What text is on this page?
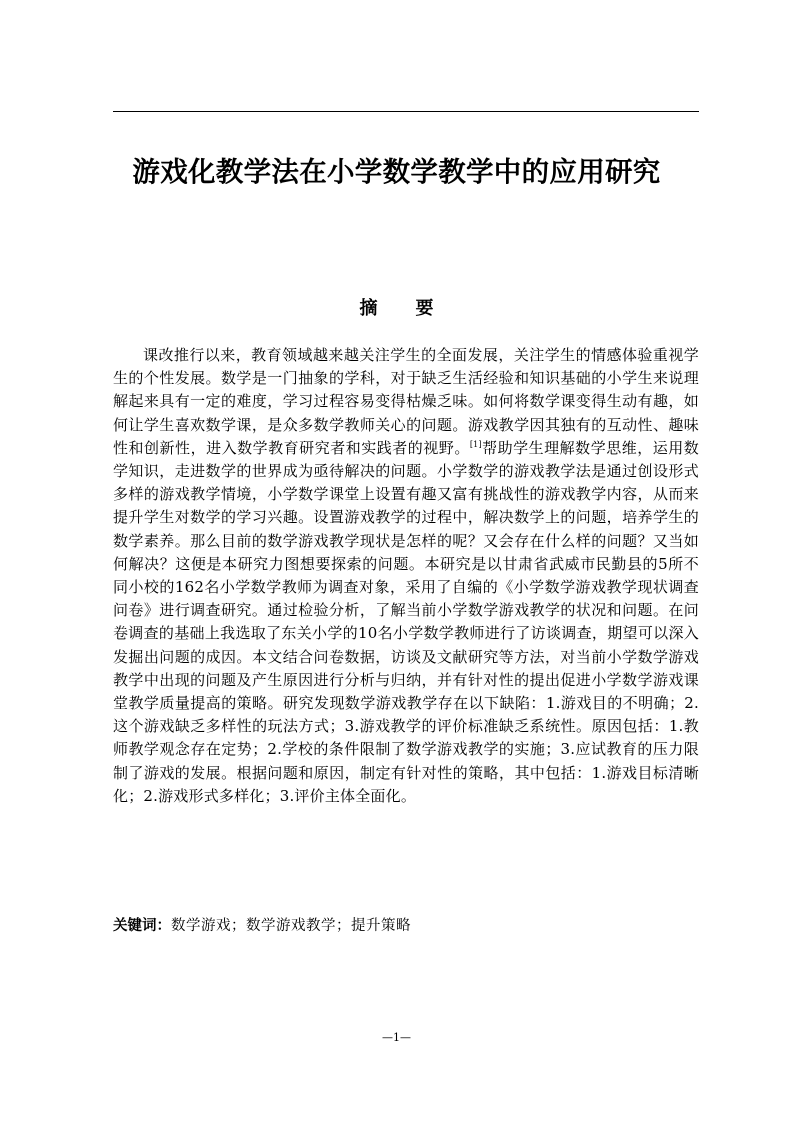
游戏化教学法在小学数学教学中的应用研究
摘要

课改推行以来，教育领域越来越关注学生的全面发展，关注学生的情感体验重视学生的个性发展。数学是一门抽象的学科，对于缺乏生活经验和知识基础的小学生来说理解起来具有一定的难度，学习过程容易变得枯燥乏味。如何将数学课变得生动有趣，如何让学生喜欢数学课，是众多数学教师关心的问题。游戏教学因其独有的互动性、趣味性和创新性，进入数学教育研究者和实践者的视野。[1]帮助学生理解数学思维，运用数学知识，走进数学的世界成为亟待解决的问题。小学数学的游戏教学法是通过创设形式多样的游戏教学情境，小学数学课堂上设置有趣又富有挑战性的游戏教学内容，从而来提升学生对数学的学习兴趣。设置游戏教学的过程中，解决数学上的问题，培养学生的数学素养。那么目前的数学游戏教学现状是怎样的呢？又会存在什么样的问题？又当如何解决？这便是本研究力图想要探索的问题。本研究是以甘肃省武威市民勤县的5所不同小校的162名小学数学教师为调查对象，采用了自编的《小学数学游戏教学现状调查问卷》进行调查研究。通过检验分析，了解当前小学数学游戏教学的状况和问题。在问卷调查的基础上我选取了东关小学的10名小学数学教师进行了访谈调查，期望可以深入发掘出问题的成因。本文结合问卷数据，访谈及文献研究等方法，对当前小学数学游戏教学中出现的问题及产生原因进行分析与归纳，并有针对性的提出促进小学数学游戏课堂教学质量提高的策略。研究发现数学游戏教学存在以下缺陷：1.游戏目的不明确；2.这个游戏缺乏多样性的玩法方式；3.游戏教学的评价标准缺乏系统性。原因包括：1.教师教学观念存在定势；2.学校的条件限制了数学游戏教学的实施；3.应试教育的压力限制了游戏的发展。根据问题和原因，制定有针对性的策略，其中包括：1.游戏目标清晰化；2.游戏形式多样化；3.评价主体全面化。

关键词：数学游戏；数学游戏教学；提升策略

—1—
